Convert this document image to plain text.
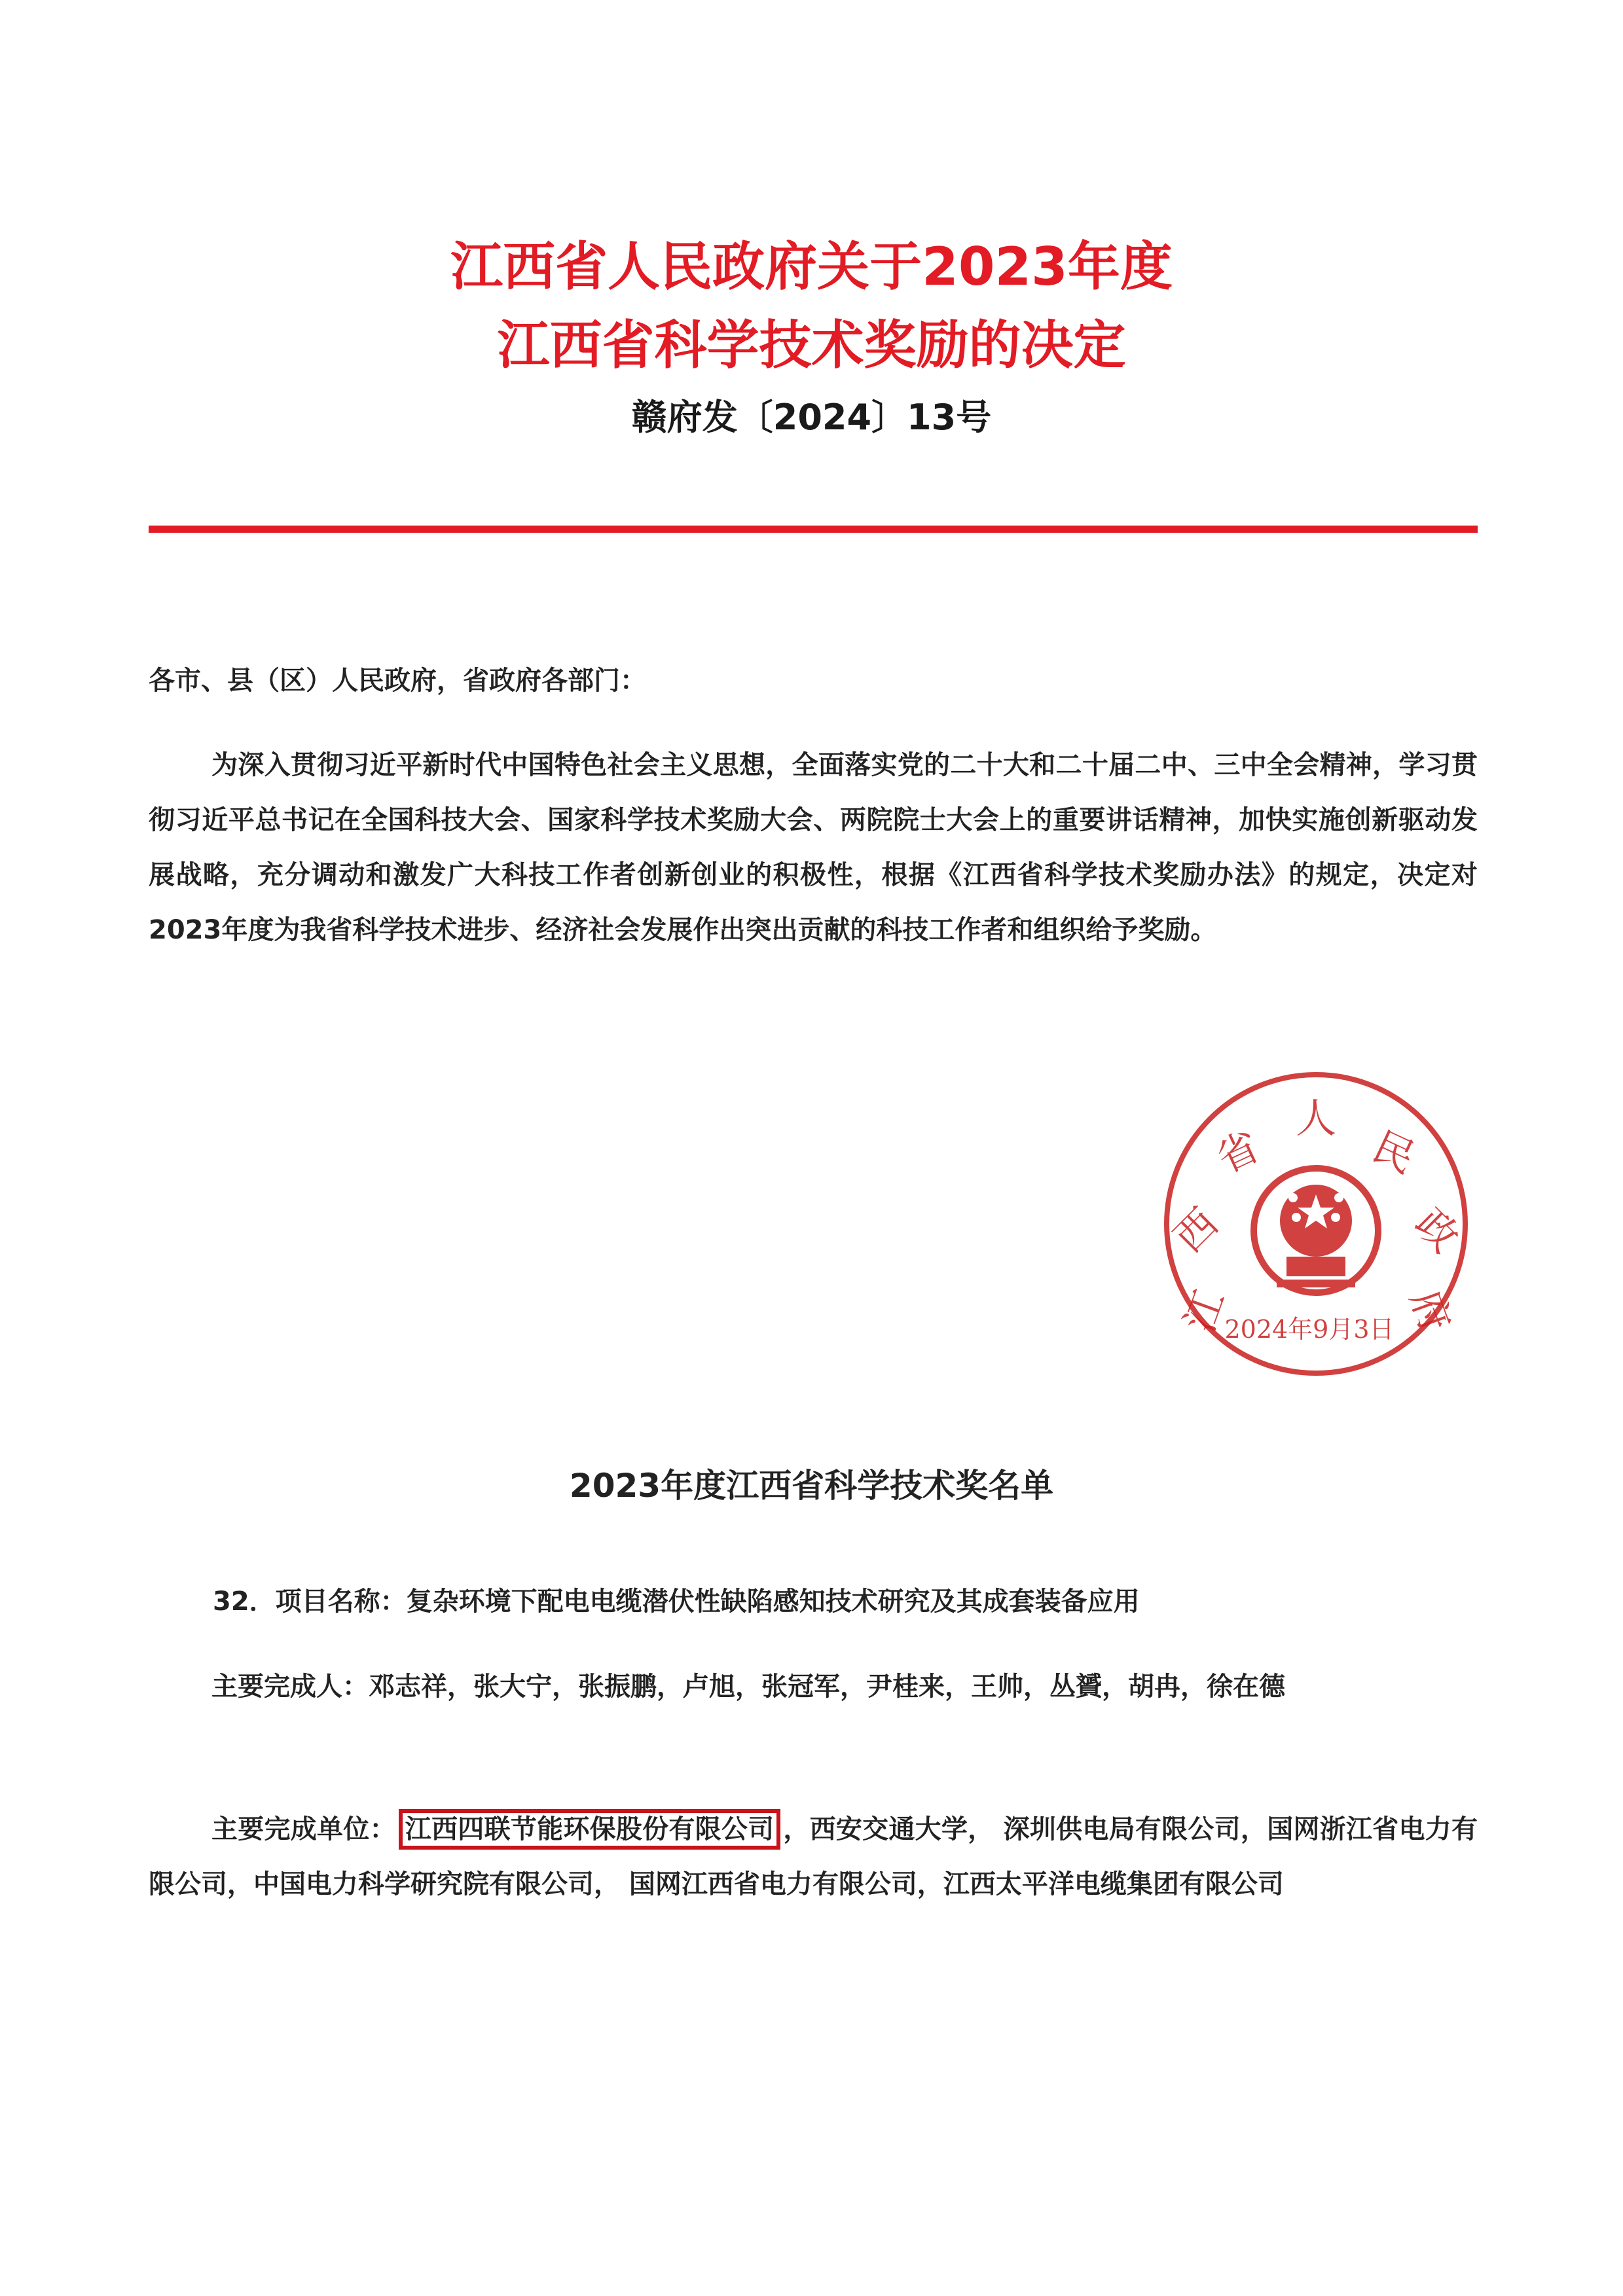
江西省人民政府关于2023年度
江西省科学技术奖励的决定
赣府发〔2024〕13号

各市、县（区）人民政府，省政府各部门：

为深入贯彻习近平新时代中国特色社会主义思想，全面落实党的二十大和二十届二中、三中全会精神，学习贯彻习近平总书记在全国科技大会、国家科学技术奖励大会、两院院士大会上的重要讲话精神，加快实施创新驱动发展战略，充分调动和激发广大科技工作者创新创业的积极性，根据《江西省科学技术奖励办法》的规定，决定对2023年度为我省科学技术进步、经济社会发展作出突出贡献的科技工作者和组织给予奖励。

江
西
省
人
民
政
府
2024年9月3日
2023年度江西省科学技术奖名单

32．项目名称：复杂环境下配电电缆潜伏性缺陷感知技术研究及其成套装备应用

主要完成人：邓志祥，张大宁，张振鹏，卢旭，张冠军，尹桂来，王帅，丛贇，胡冉，徐在德

主要完成单位： 江西四联节能环保股份有限公司 ，西安交通大学， 深圳供电局有限公司，国网浙江省电力有限公司，中国电力科学研究院有限公司， 国网江西省电力有限公司，江西太平洋电缆集团有限公司
